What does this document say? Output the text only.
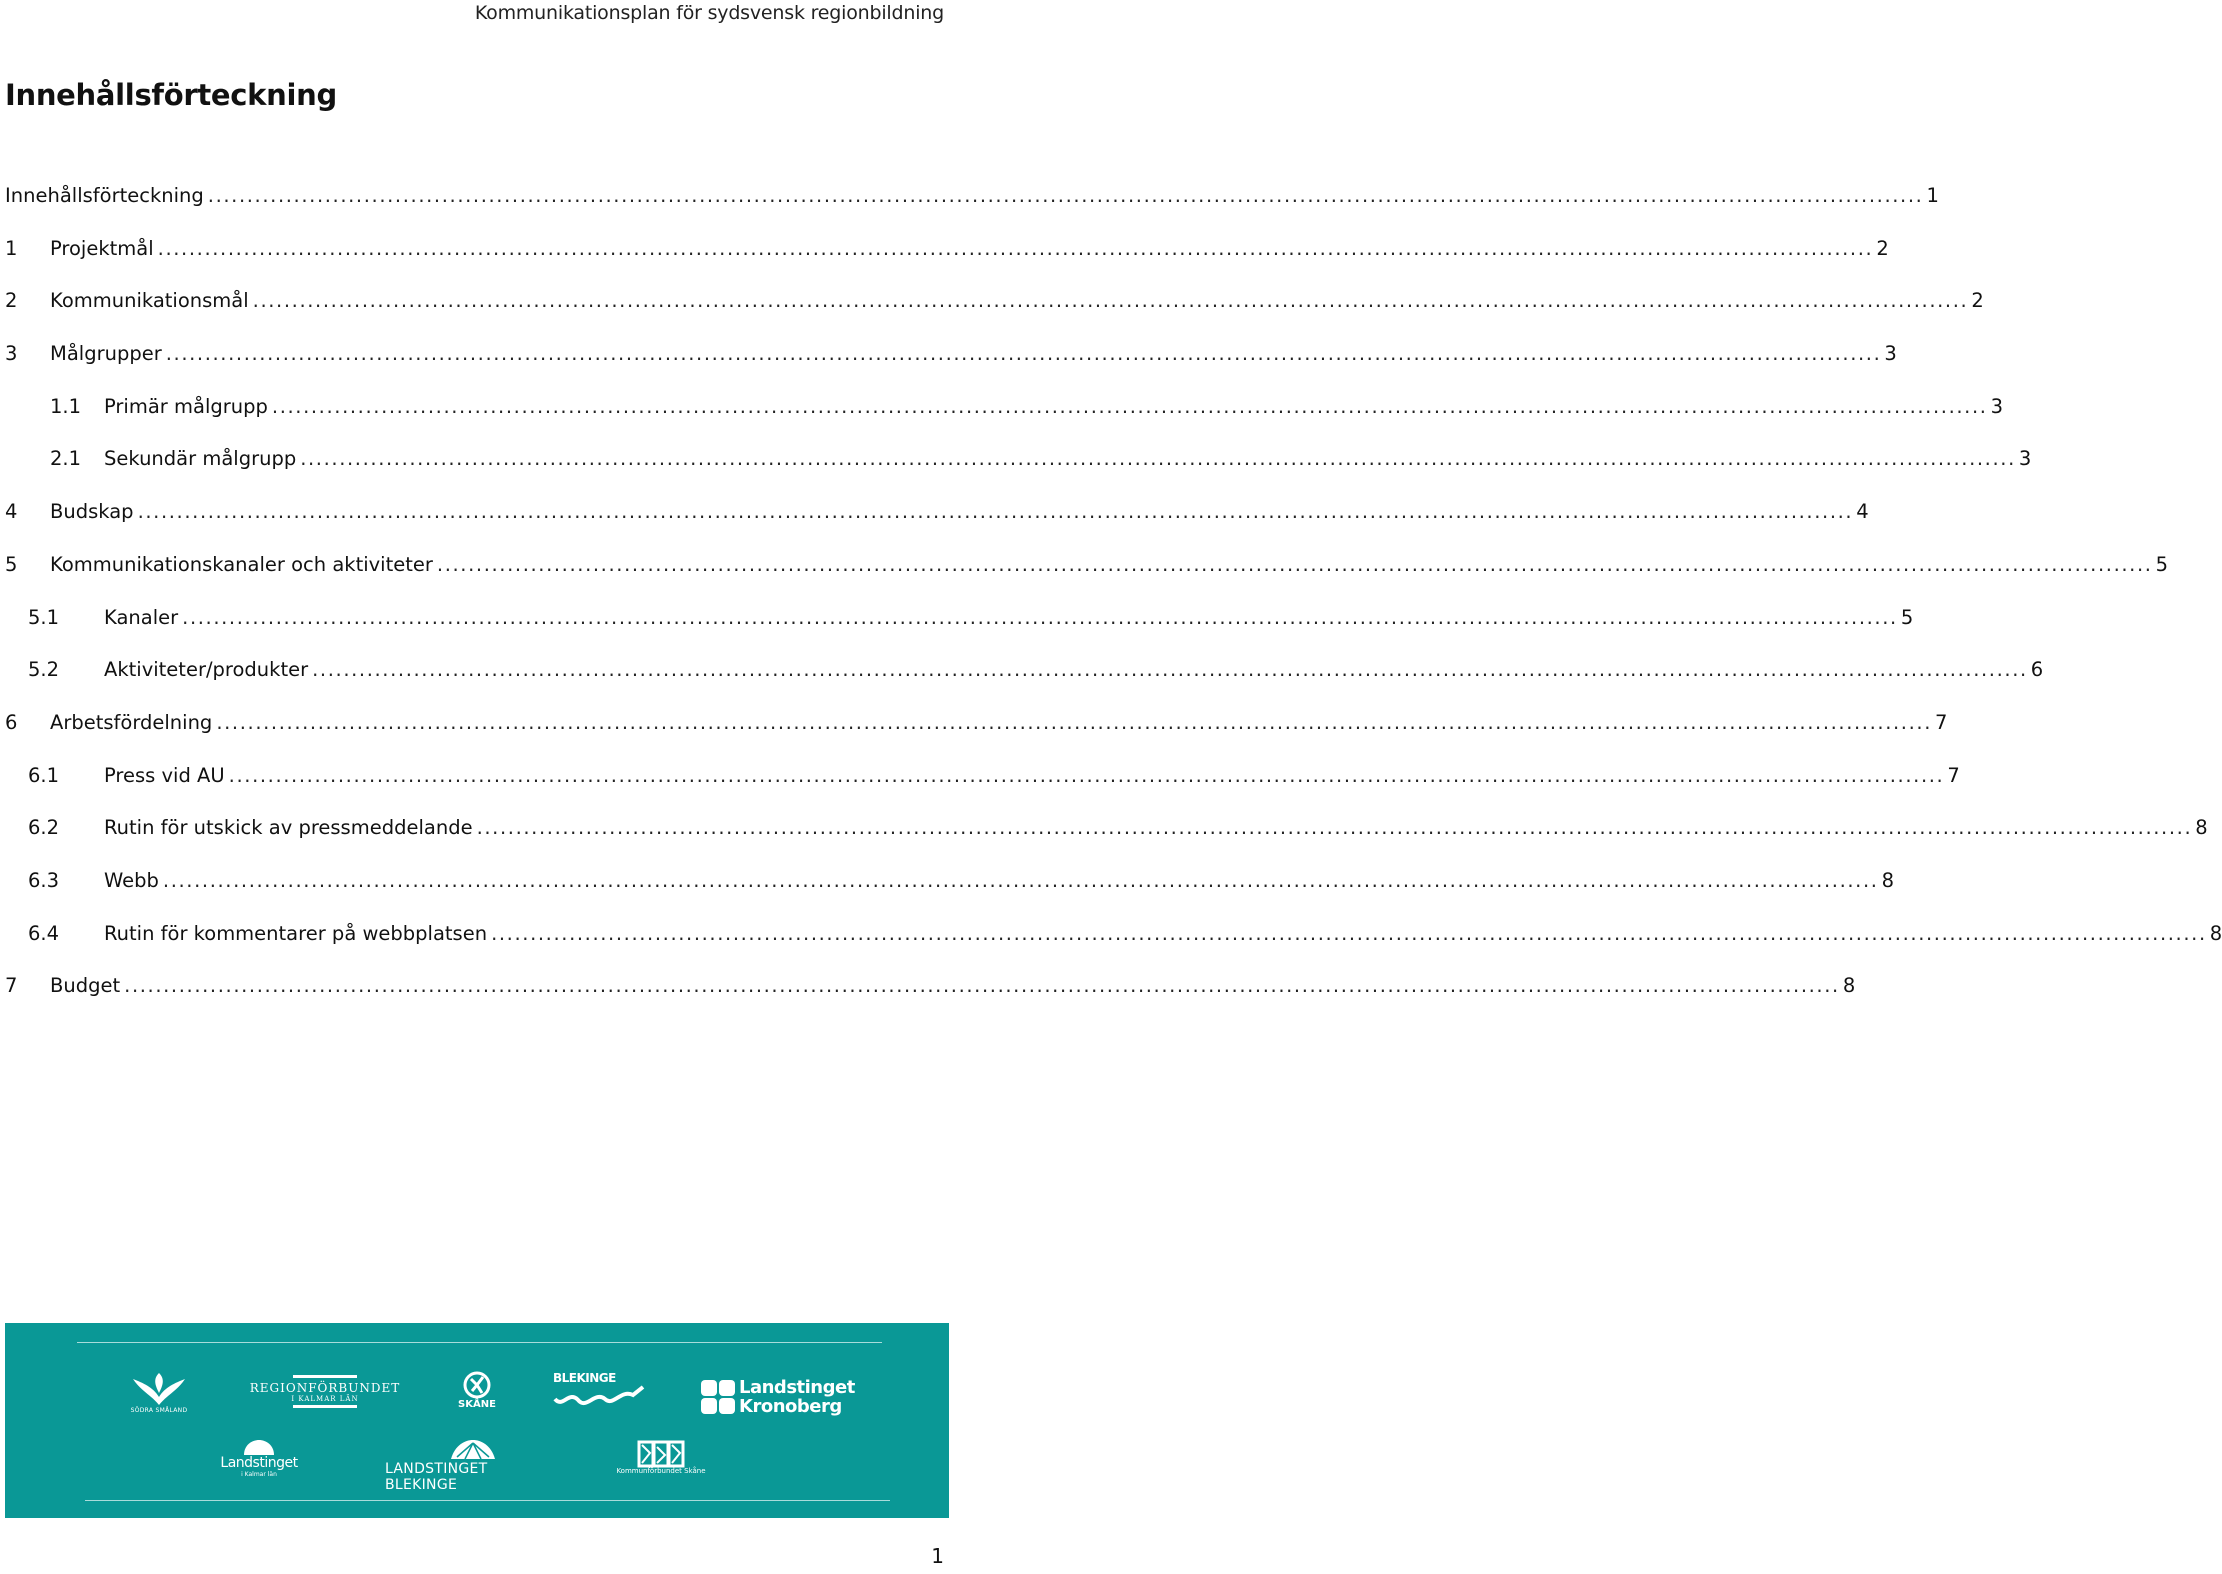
Kommunikationsplan för sydsvensk regionbildning
Innehållsförteckning
Innehållsförteckning ............................................................................................................................................................................................................................ 1
1 Projektmål ............................................................................................................................................................................................................................ 2
2 Kommunikationsmål ............................................................................................................................................................................................................................ 2
3 Målgrupper ............................................................................................................................................................................................................................ 3
1.1 Primär målgrupp ............................................................................................................................................................................................................................ 3
2.1 Sekundär målgrupp ............................................................................................................................................................................................................................ 3
4 Budskap ............................................................................................................................................................................................................................ 4
5 Kommunikationskanaler och aktiviteter ............................................................................................................................................................................................................................ 5
5.1 Kanaler ............................................................................................................................................................................................................................ 5
5.2 Aktiviteter/produkter ............................................................................................................................................................................................................................ 6
6 Arbetsfördelning ............................................................................................................................................................................................................................ 7
6.1 Press vid AU ............................................................................................................................................................................................................................ 7
6.2 Rutin för utskick av pressmeddelande ............................................................................................................................................................................................................................ 8
6.3 Webb ............................................................................................................................................................................................................................ 8
6.4 Rutin för kommentarer på webbplatsen ............................................................................................................................................................................................................................ 8
7 Budget ............................................................................................................................................................................................................................ 8
SÖDRA SMÅLAND
REGIONFÖRBUNDET
I KALMAR LÄN	SKÅNE
BLEKINGE	Landstinget
Kronoberg
Landstinget
i Kalmar län	LANDSTINGET BLEKINGE
Kommunförbundet Skåne
1
